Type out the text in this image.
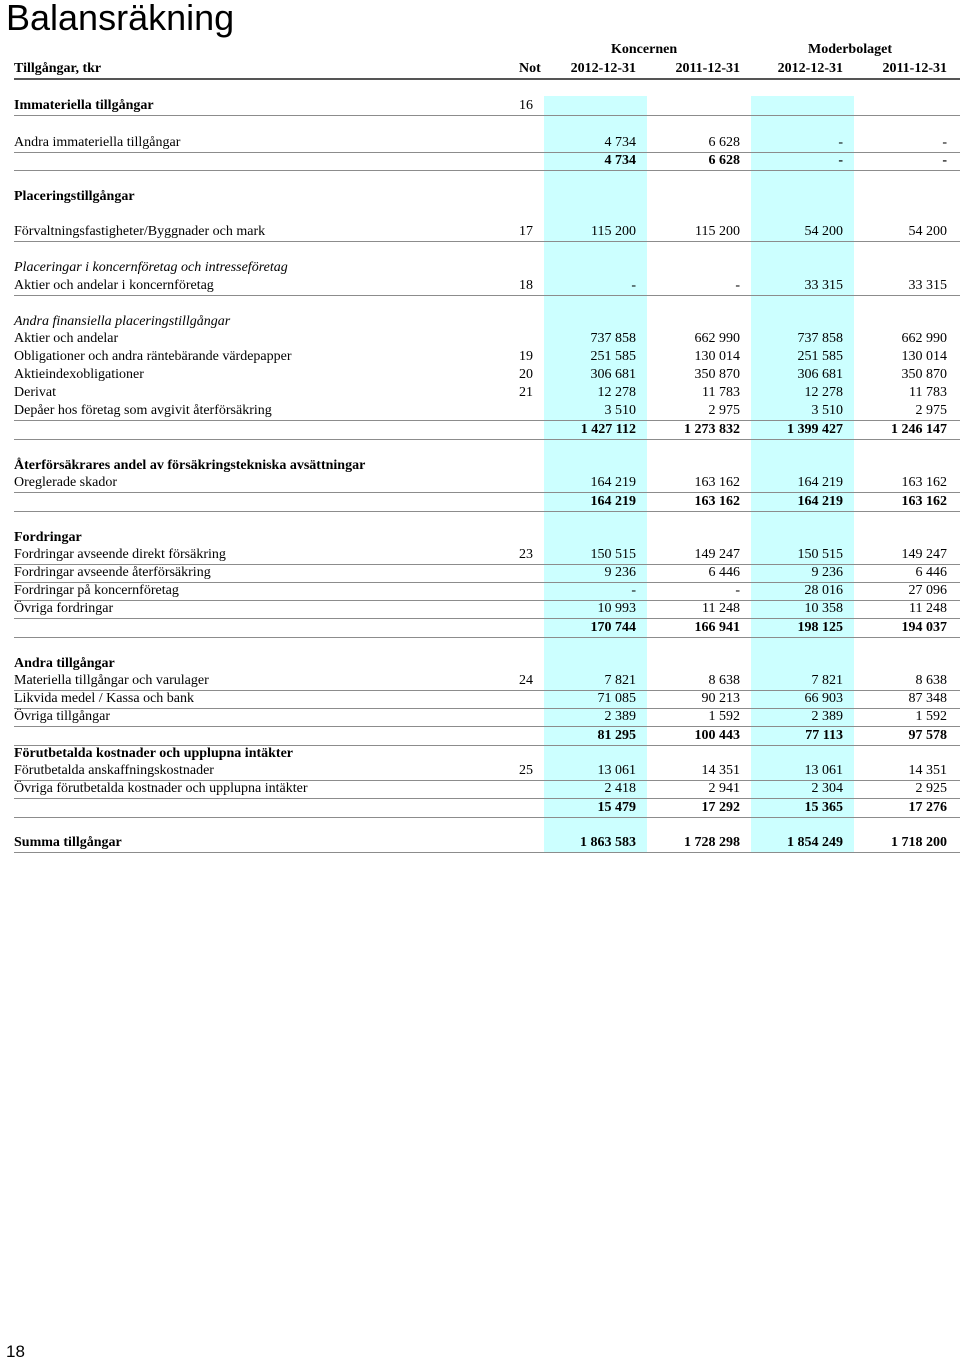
Balansräkning
Koncernen	Moderbolaget
Tillgångar, tkr	Not	2012-12-31	2011-12-31	2012-12-31	2011-12-31
Immateriella tillgångar	16
Andra immateriella tillgångar	4 734	6 628	-	-
4 734	6 628	-	-
Placeringstillgångar
Förvaltningsfastigheter/Byggnader och mark	17	115 200	115 200	54 200	54 200
Placeringar i koncernföretag och intresseföretag
Aktier och andelar i koncernföretag	18	-	-	33 315	33 315
Andra finansiella placeringstillgångar
Aktier och andelar	737 858	662 990	737 858	662 990
Obligationer och andra räntebärande värdepapper	19	251 585	130 014	251 585	130 014
Aktieindexobligationer	20	306 681	350 870	306 681	350 870
Derivat	21	12 278	11 783	12 278	11 783
Depåer hos företag som avgivit återförsäkring	3 510	2 975	3 510	2 975
1 427 112	1 273 832	1 399 427	1 246 147
Återförsäkrares andel av försäkringstekniska avsättningar
Oreglerade skador	164 219	163 162	164 219	163 162
164 219	163 162	164 219	163 162
Fordringar
Fordringar avseende direkt försäkring	23	150 515	149 247	150 515	149 247
Fordringar avseende återförsäkring	9 236	6 446	9 236	6 446
Fordringar på koncernföretag	-	-	28 016	27 096
Övriga fordringar	10 993	11 248	10 358	11 248
170 744	166 941	198 125	194 037
Andra tillgångar
Materiella tillgångar och varulager	24	7 821	8 638	7 821	8 638
Likvida medel / Kassa och bank	71 085	90 213	66 903	87 348
Övriga tillgångar	2 389	1 592	2 389	1 592
81 295	100 443	77 113	97 578
Förutbetalda kostnader och upplupna intäkter
Förutbetalda anskaffningskostnader	25	13 061	14 351	13 061	14 351
Övriga förutbetalda kostnader och upplupna intäkter	2 418	2 941	2 304	2 925
15 479	17 292	15 365	17 276
Summa tillgångar	1 863 583	1 728 298	1 854 249	1 718 200
18
